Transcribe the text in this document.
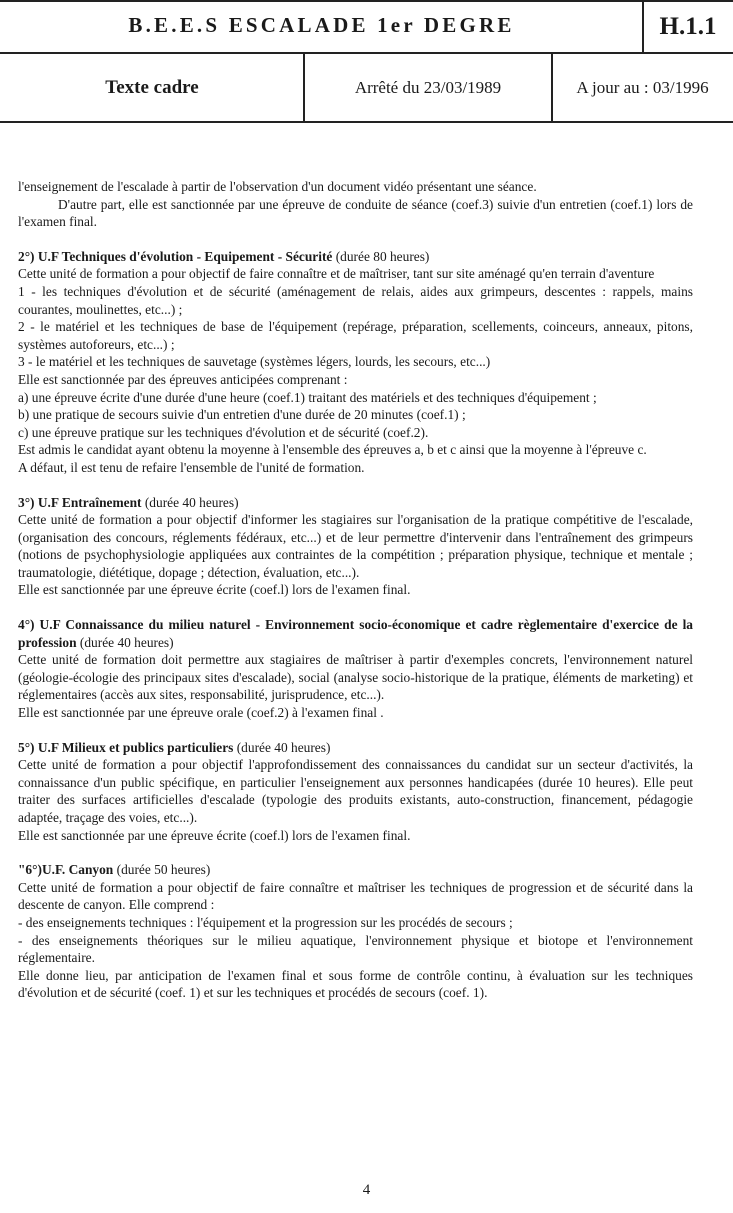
B.E.E.S ESCALADE 1er DEGRE	H.1.1
Texte cadre	Arrêté du 23/03/1989	A jour au : 03/1996

l'enseignement de l'escalade à partir de l'observation d'un document vidéo présentant une séance.

D'autre part, elle est sanctionnée par une épreuve de conduite de séance (coef.3) suivie d'un entretien (coef.1) lors de l'examen final.

2°) U.F Techniques d'évolution - Equipement - Sécurité (durée 80 heures)

Cette unité de formation a pour objectif de faire connaître et de maîtriser, tant sur site aménagé qu'en terrain d'aventure

1 - les techniques d'évolution et de sécurité (aménagement de relais, aides aux grimpeurs, descentes : rappels, mains courantes, moulinettes, etc...) ;

2 - le matériel et les techniques de base de l'équipement (repérage, préparation, scellements, coinceurs, anneaux, pitons, systèmes autoforeurs, etc...) ;

3 - le matériel et les techniques de sauvetage (systèmes légers, lourds, les secours, etc...)

Elle est sanctionnée par des épreuves anticipées comprenant :

a) une épreuve écrite d'une durée d'une heure (coef.1) traitant des matériels et des techniques d'équipement ;

b) une pratique de secours suivie d'un entretien d'une durée de 20 minutes (coef.1) ;

c) une épreuve pratique sur les techniques d'évolution et de sécurité (coef.2).

Est admis le candidat ayant obtenu la moyenne à l'ensemble des épreuves a, b et c ainsi que la moyenne à l'épreuve c.

A défaut, il est tenu de refaire l'ensemble de l'unité de formation.

3°) U.F Entraînement (durée 40 heures)

Cette unité de formation a pour objectif d'informer les stagiaires sur l'organisation de la pratique compétitive de l'escalade, (organisation des concours, réglements fédéraux, etc...) et de leur permettre d'intervenir dans l'entraînement des grimpeurs (notions de psychophysiologie appliquées aux contraintes de la compétition ; préparation physique, technique et mentale ; traumatologie, diététique, dopage ; détection, évaluation, etc...).

Elle est sanctionnée par une épreuve écrite (coef.l) lors de l'examen final.

4°) U.F Connaissance du milieu naturel - Environnement socio-économique et cadre règlementaire d'exercice de la profession (durée 40 heures)

Cette unité de formation doit permettre aux stagiaires de maîtriser à partir d'exemples concrets, l'environnement naturel (géologie-écologie des principaux sites d'escalade), social (analyse socio-historique de la pratique, éléments de marketing) et réglementaires (accès aux sites, responsabilité, jurisprudence, etc...).

Elle est sanctionnée par une épreuve orale (coef.2) à l'examen final .

5°) U.F Milieux et publics particuliers (durée 40 heures)

Cette unité de formation a pour objectif l'approfondissement des connaissances du candidat sur un secteur d'activités, la connaissance d'un public spécifique, en particulier l'enseignement aux personnes handicapées (durée 10 heures). Elle peut traiter des surfaces artificielles d'escalade (typologie des produits existants, auto-construction, financement, pédagogie adaptée, traçage des voies, etc...).

Elle est sanctionnée par une épreuve écrite (coef.l) lors de l'examen final.

"6°)U.F. Canyon (durée 50 heures)

Cette unité de formation a pour objectif de faire connaître et maîtriser les techniques de progression et de sécurité dans la descente de canyon. Elle comprend :

- des enseignements techniques : l'équipement et la progression sur les procédés de secours ;

- des enseignements théoriques sur le milieu aquatique, l'environnement physique et biotope et l'environnement réglementaire.

Elle donne lieu, par anticipation de l'examen final et sous forme de contrôle continu, à évaluation sur les techniques d'évolution et de sécurité (coef. 1) et sur les techniques et procédés de secours (coef. 1).

4
